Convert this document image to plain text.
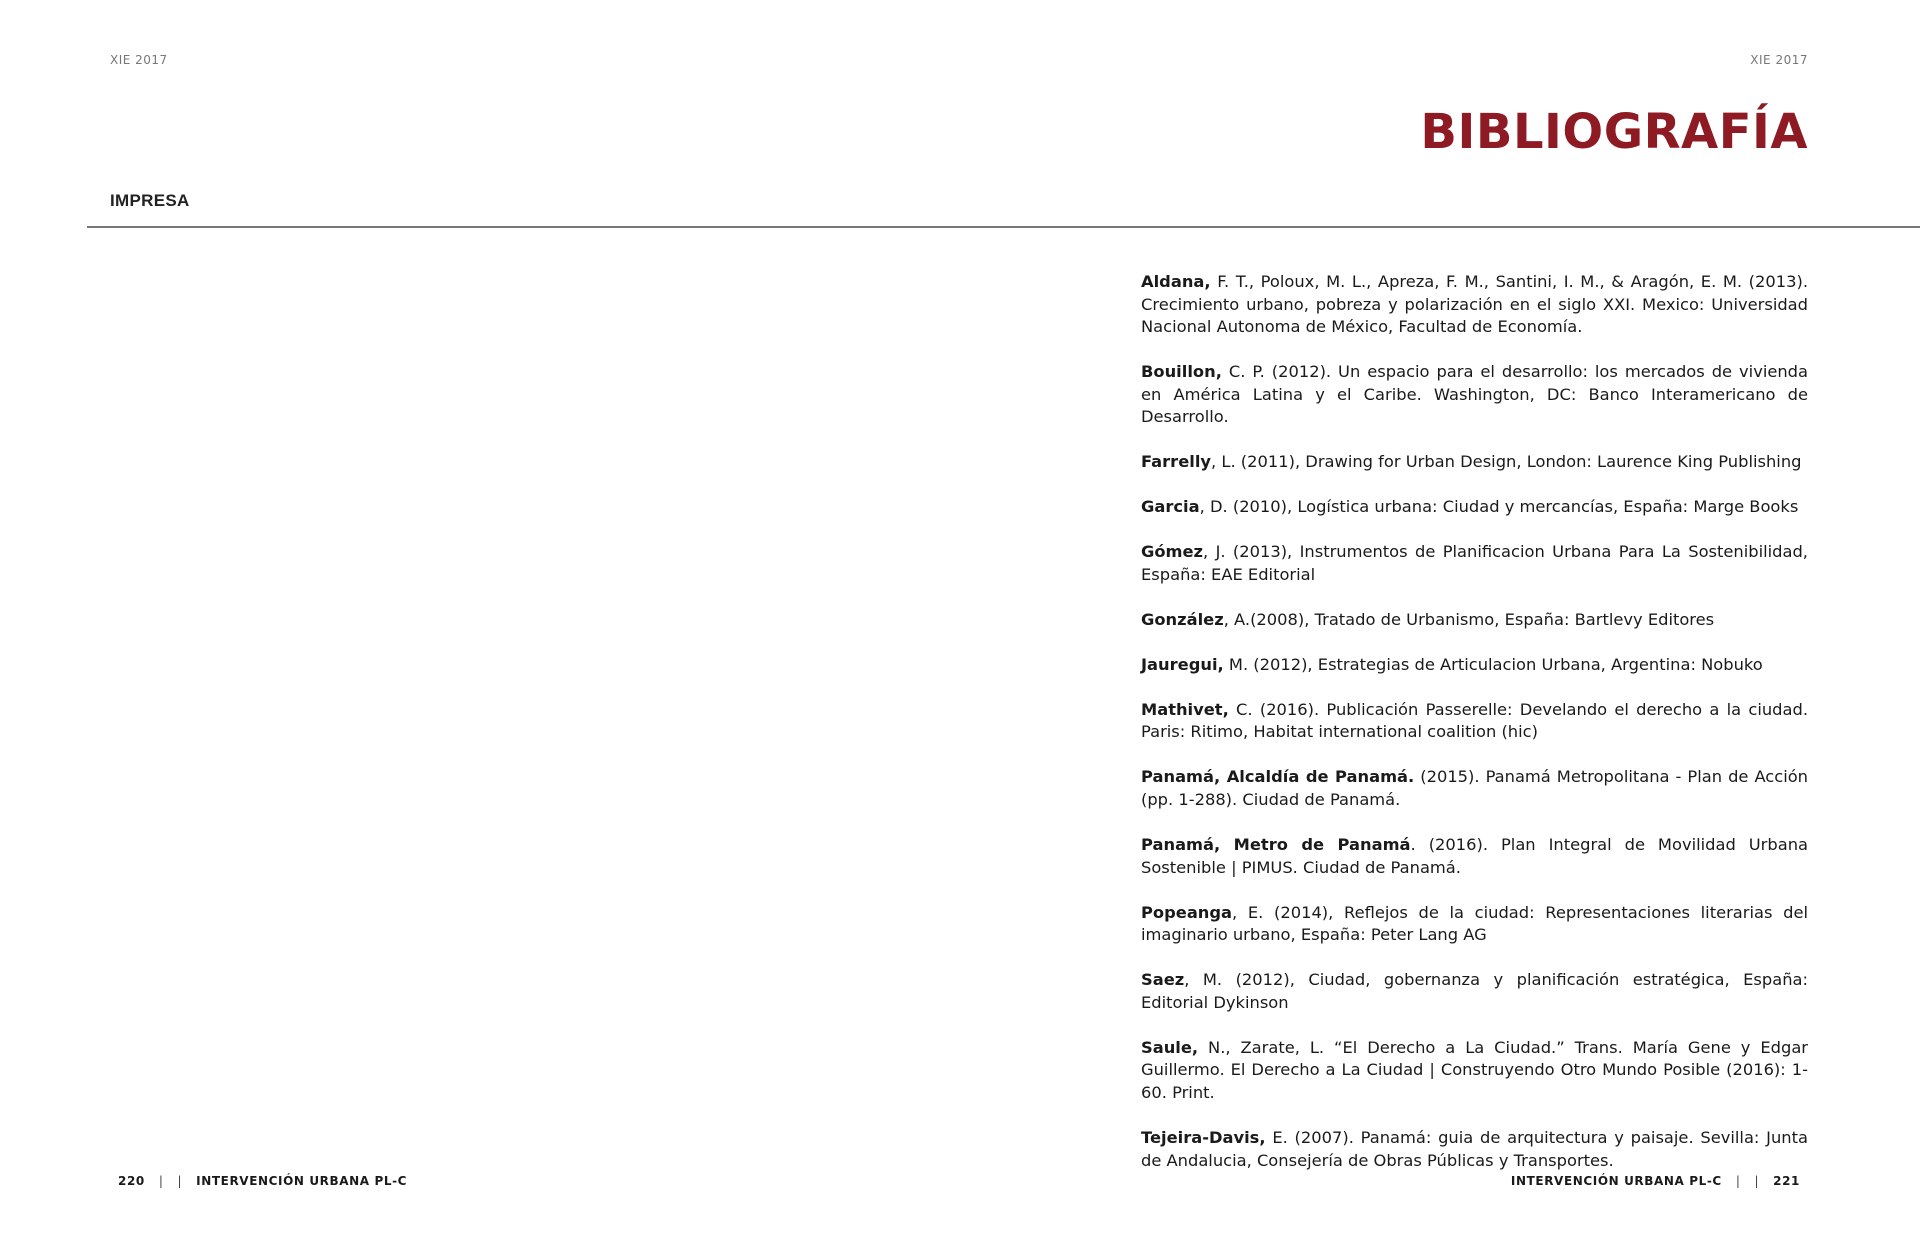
XIE 2017	XIE 2017
BIBLIOGRAFÍA
IMPRESA
Aldana, F. T., Poloux, M. L., Apreza, F. M., Santini, I. M., & Aragón, E. M. (2013). Crecimiento urbano, pobreza y polarización en el siglo XXI. Mexico: Universidad Nacional Autonoma de México, Facultad de Economía.
Bouillon, C. P. (2012). Un espacio para el desarrollo: los mercados de vivienda en América Latina y el Caribe. Washington, DC: Banco Interamericano de Desarrollo.
Farrelly, L. (2011), Drawing for Urban Design, London: Laurence King Publishing
Garcia, D. (2010), Logística urbana: Ciudad y mercancías, España: Marge Books
Gómez, J. (2013), Instrumentos de Planificacion Urbana Para La Sostenibilidad, España: EAE Editorial
González, A.(2008), Tratado de Urbanismo, España: Bartlevy Editores
Jauregui, M. (2012), Estrategias de Articulacion Urbana, Argentina: Nobuko
Mathivet, C. (2016). Publicación Passerelle: Develando el derecho a la ciudad. Paris: Ritimo, Habitat international coalition (hic)
Panamá, Alcaldía de Panamá. (2015). Panamá Metropolitana - Plan de Acción (pp. 1-288). Ciudad de Panamá.
Panamá, Metro de Panamá. (2016). Plan Integral de Movilidad Urbana Sostenible | PIMUS. Ciudad de Panamá.
Popeanga, E. (2014), Reflejos de la ciudad: Representaciones literarias del imaginario urbano, España: Peter Lang AG
Saez, M. (2012), Ciudad, gobernanza y planificación estratégica, España: Editorial Dykinson
Saule, N., Zarate, L. “El Derecho a La Ciudad.” Trans. María Gene y Edgar Guillermo. El Derecho a La Ciudad | Construyendo Otro Mundo Posible (2016): 1-60. Print.
Tejeira-Davis, E. (2007). Panamá: guia de arquitectura y paisaje. Sevilla: Junta de Andalucia, Consejería de Obras Públicas y Transportes.
220 | | INTERVENCIÓN URBANA PL-C	INTERVENCIÓN URBANA PL-C | | 221
